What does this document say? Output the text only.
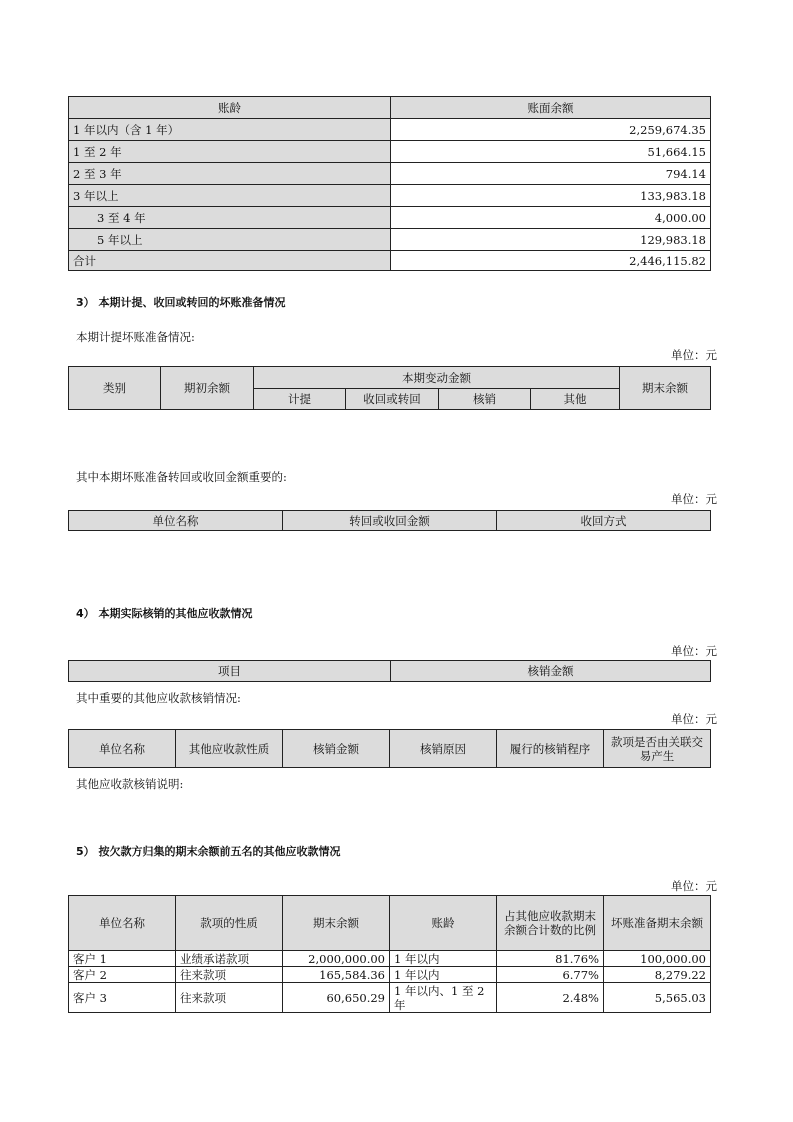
账龄	账面余额
1 年以内（含 1 年）	2,259,674.35
1 至 2 年	51,664.15
2 至 3 年	794.14
3 年以上	133,983.18
3 至 4 年	4,000.00
5 年以上	129,983.18
合计	2,446,115.82
3） 本期计提、收回或转回的坏账准备情况
本期计提坏账准备情况:
单位：元
类别	期初余额	本期变动金额				期末余额
		计提	收回或转回	核销	其他	
其中本期坏账准备转回或收回金额重要的:
单位：元
单位名称	转回或收回金额	收回方式
4） 本期实际核销的其他应收款情况
单位：元
项目	核销金额
其中重要的其他应收款核销情况:
单位：元
单位名称	其他应收款性质	核销金额	核销原因	履行的核销程序	款项是否由关联交易产生
其他应收款核销说明:
5） 按欠款方归集的期末余额前五名的其他应收款情况
单位：元
单位名称	款项的性质	期末余额	账龄	占其他应收款期末余额合计数的比例	坏账准备期末余额
客户 1	业绩承诺款项	2,000,000.00	1 年以内	81.76%	100,000.00
客户 2	往来款项	165,584.36	1 年以内	6.77%	8,279.22
客户 3	往来款项	60,650.29	1 年以内、1 至 2 年	2.48%	5,565.03
